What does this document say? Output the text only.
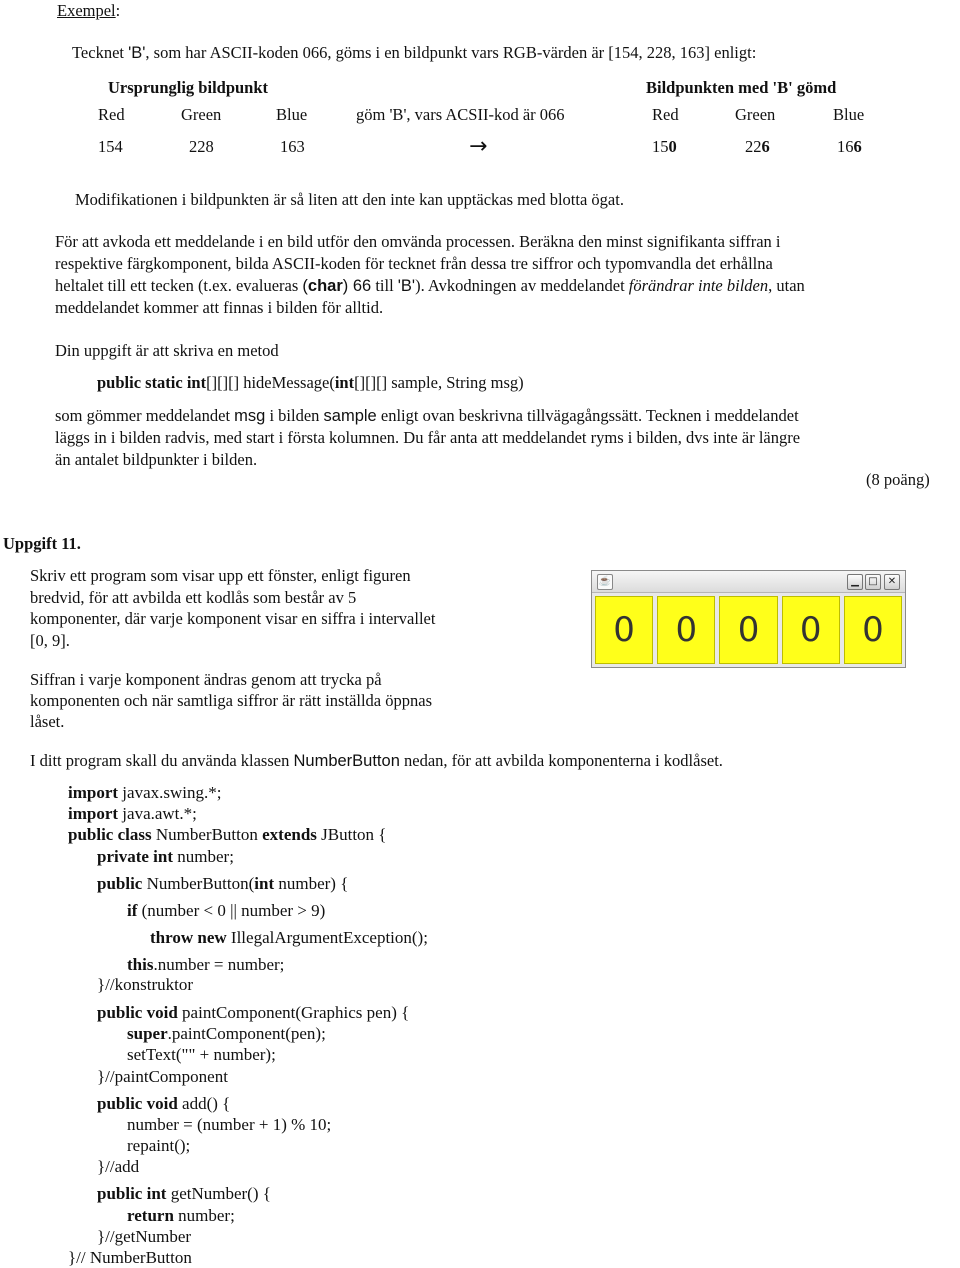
Exempel:
Tecknet 'B', som har ASCII-koden 066, göms i en bildpunkt vars RGB-värden är [154, 228, 163] enligt:
Ursprunglig bildpunkt	Bildpunkten med 'B' gömd
Red	Green	Blue	göm 'B', vars ACSII-kod är 066	Red	Green	Blue
154	228	163	→	150	226	166
Modifikationen i bildpunkten är så liten att den inte kan upptäckas med blotta ögat.
För att avkoda ett meddelande i en bild utför den omvända processen. Beräkna den minst signifikanta siffran i
respektive färgkomponent, bilda ASCII-koden för tecknet från dessa tre siffror och typomvandla det erhållna
heltalet till ett tecken (t.ex. evalueras (char) 66 till 'B'). Avkodningen av meddelandet förändrar inte bilden, utan
meddelandet kommer att finnas i bilden för alltid.
Din uppgift är att skriva en metod
public static int[][][] hideMessage(int[][][] sample, String msg)
som gömmer meddelandet msg i bilden sample enligt ovan beskrivna tillvägagångssätt. Tecknen i meddelandet
läggs in i bilden radvis, med start i första kolumnen. Du får anta att meddelandet ryms i bilden, dvs inte är längre
än antalet bildpunkter i bilden.
(8 poäng)
Uppgift 11.
Skriv ett program som visar upp ett fönster, enligt figuren
bredvid, för att avbilda ett kodlås som består av 5
komponenter, där varje komponent visar en siffra i intervallet
[0, 9].
Siffran i varje komponent ändras genom att trycka på
komponenten och när samtliga siffror är rätt inställda öppnas
låset.
☕	▁ □	✕
0	0	0	0	0
I ditt program skall du använda klassen NumberButton nedan, för att avbilda komponenterna i kodlåset.
import javax.swing.*;
import java.awt.*;
public class NumberButton extends JButton {
private int number;
public NumberButton(int number) {
if (number < 0 || number > 9)
throw new IllegalArgumentException();
this.number = number;
}//konstruktor
public void paintComponent(Graphics pen) {
super.paintComponent(pen);
setText("" + number);
}//paintComponent
public void add() {
number = (number + 1) % 10;
repaint();
}//add
public int getNumber() {
return number;
}//getNumber
}// NumberButton
